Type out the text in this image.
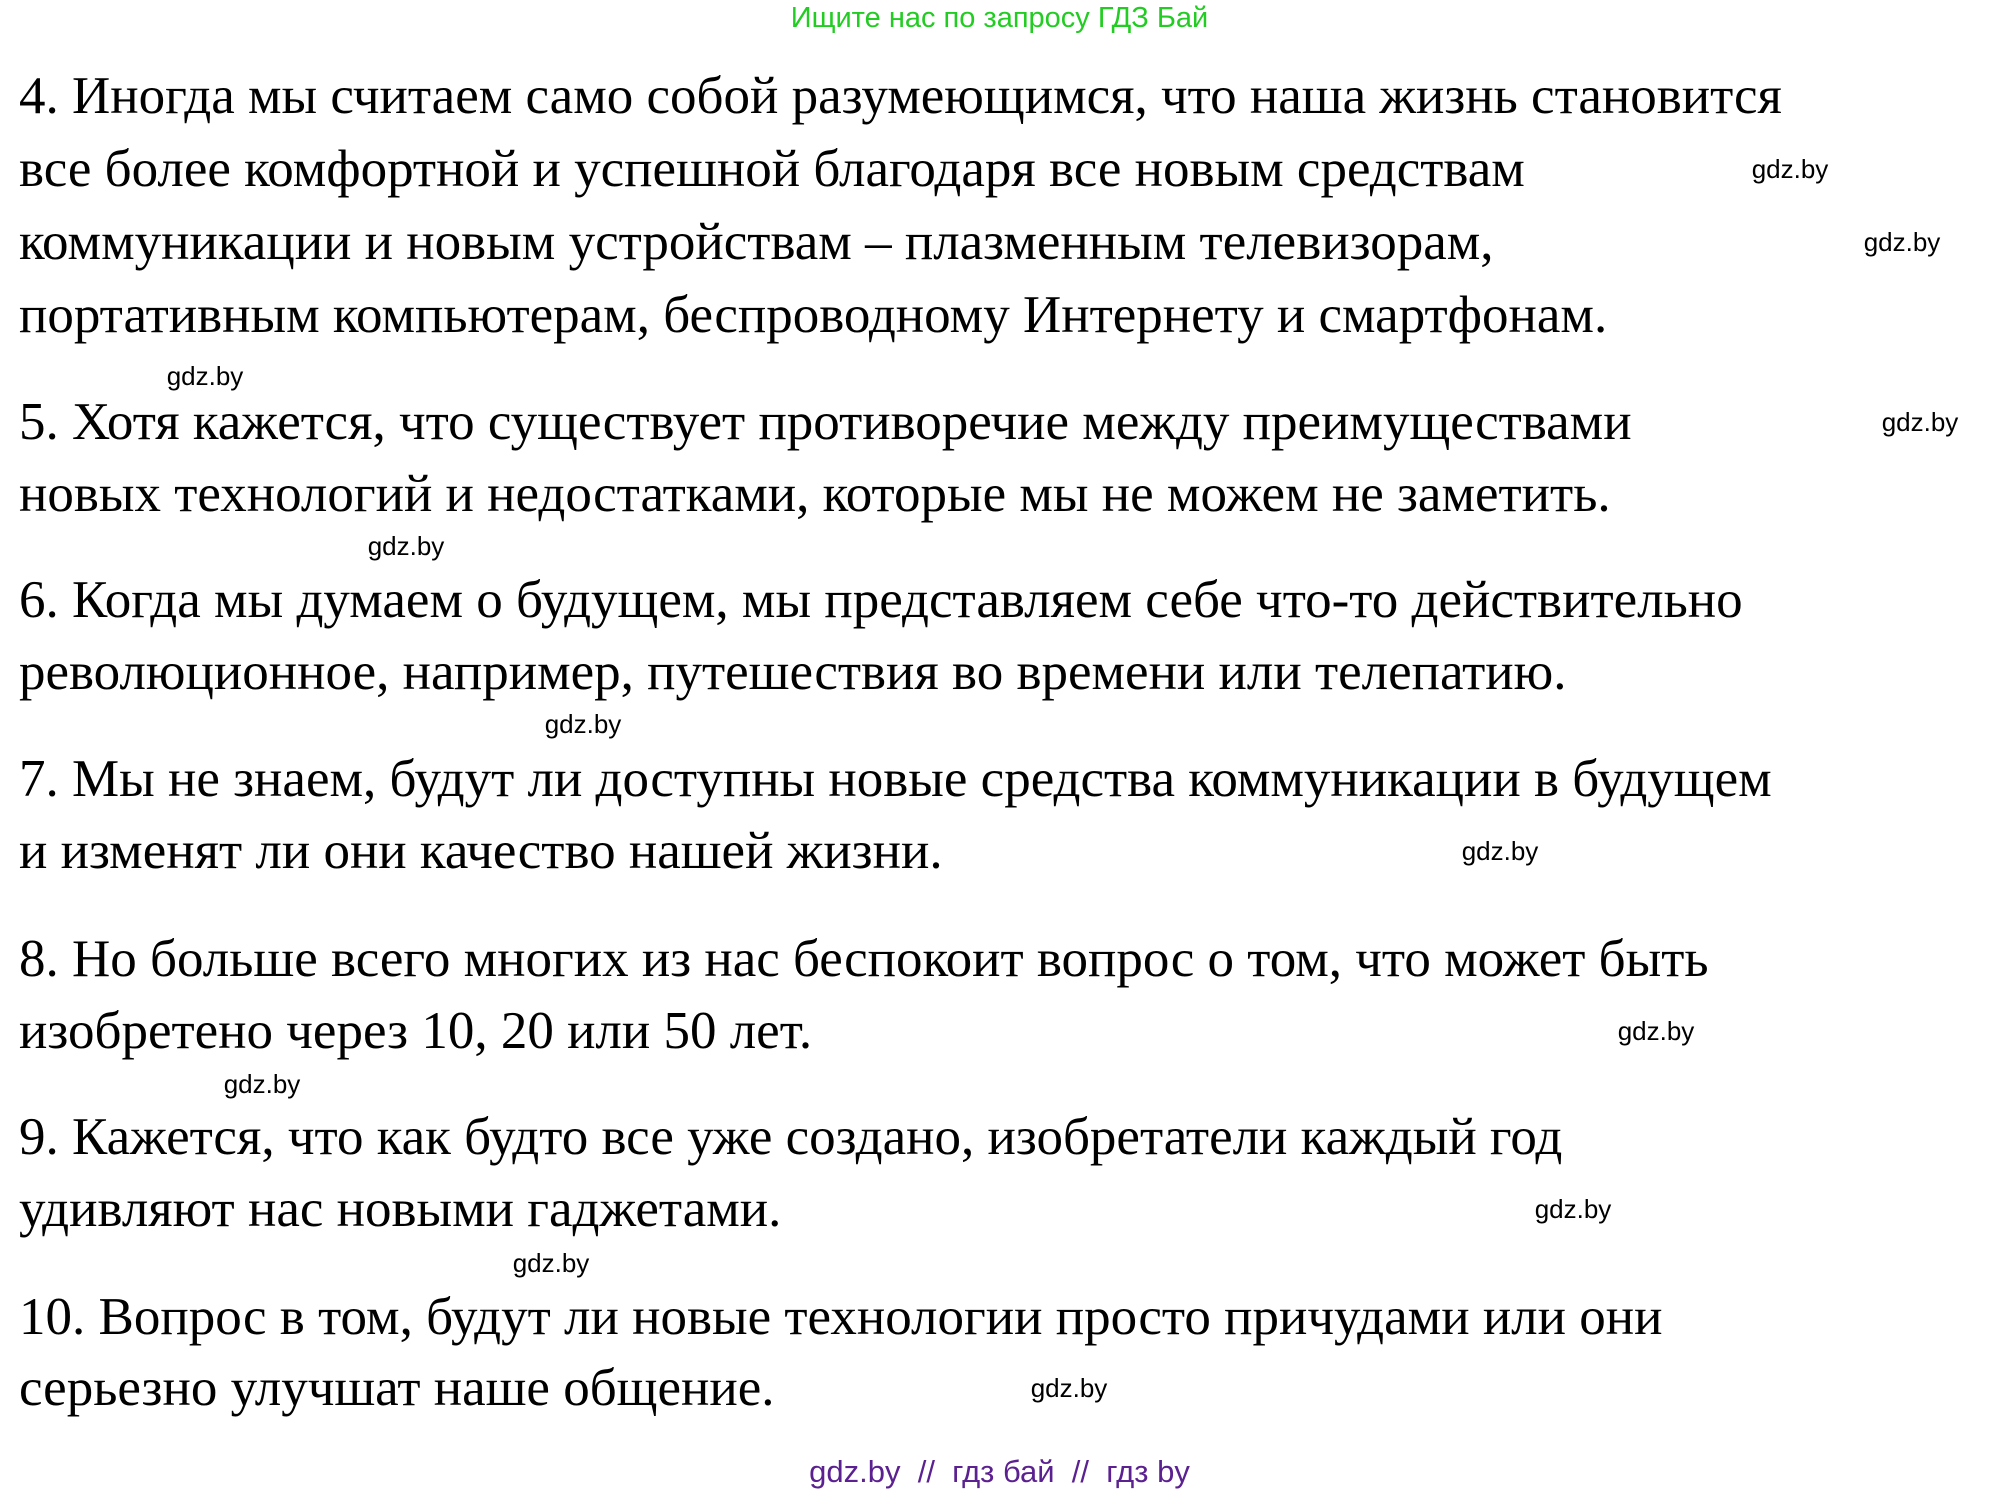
Ищите нас по запросу ГДЗ Бай
4. Иногда мы считаем само собой разумеющимся, что наша жизнь становится
все более комфортной и успешной благодаря все новым средствам
коммуникации и новым устройствам – плазменным телевизорам,
портативным компьютерам, беспроводному Интернету и смартфонам.
5. Хотя кажется, что существует противоречие между преимуществами
новых технологий и недостатками, которые мы не можем не заметить.
6. Когда мы думаем о будущем, мы представляем себе что-то действительно
революционное, например, путешествия во времени или телепатию.
7. Мы не знаем, будут ли доступны новые средства коммуникации в будущем
и изменят ли они качество нашей жизни.
8. Но больше всего многих из нас беспокоит вопрос о том, что может быть
изобретено через 10, 20 или 50 лет.
9. Кажется, что как будто все уже создано, изобретатели каждый год
удивляют нас новыми гаджетами.
10. Вопрос в том, будут ли новые технологии просто причудами или они
серьезно улучшат наше общение.
gdz.by
gdz.by
gdz.by
gdz.by
gdz.by
gdz.by
gdz.by
gdz.by
gdz.by
gdz.by
gdz.by
gdz.by
gdz.by  //  гдз бай  //  гдз by
